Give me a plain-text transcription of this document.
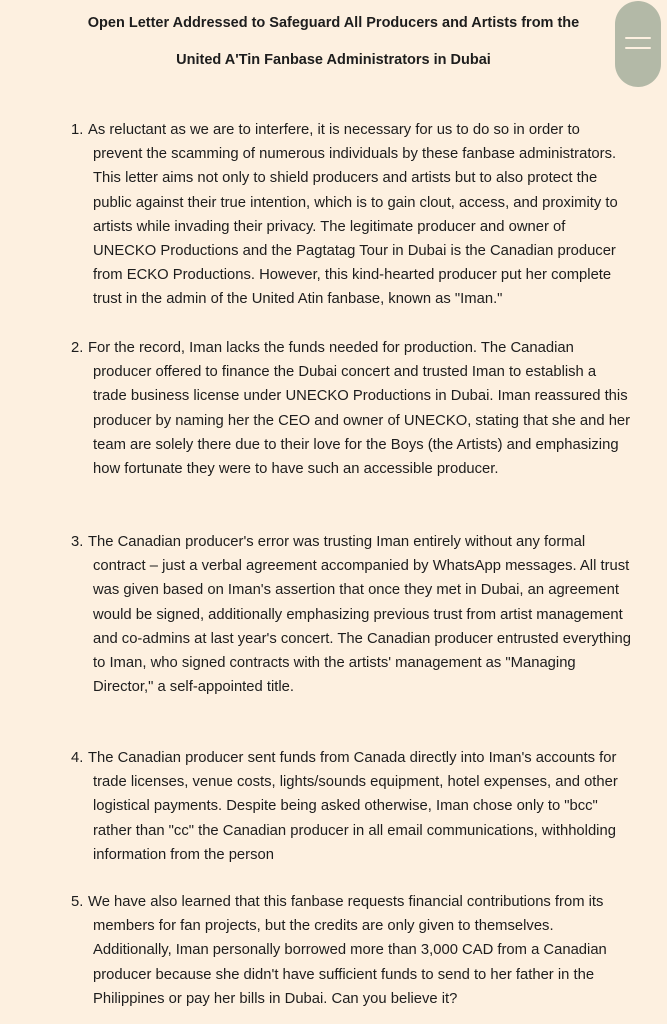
Open Letter Addressed to Safeguard All Producers and Artists from the
United A'Tin Fanbase Administrators in Dubai
1. As reluctant as we are to interfere, it is necessary for us to do so in order to
prevent the scamming of numerous individuals by these fanbase administrators.
This letter aims not only to shield producers and artists but to also protect the
public against their true intention, which is to gain clout, access, and proximity to
artists while invading their privacy. The legitimate producer and owner of
UNECKO Productions and the Pagtatag Tour in Dubai is the Canadian producer
from ECKO Productions. However, this kind-hearted producer put her complete
trust in the admin of the United Atin fanbase, known as "Iman."
2. For the record, Iman lacks the funds needed for production. The Canadian
producer offered to finance the Dubai concert and trusted Iman to establish a
trade business license under UNECKO Productions in Dubai. Iman reassured this
producer by naming her the CEO and owner of UNECKO, stating that she and her
team are solely there due to their love for the Boys (the Artists) and emphasizing
how fortunate they were to have such an accessible producer.
3. The Canadian producer's error was trusting Iman entirely without any formal
contract – just a verbal agreement accompanied by WhatsApp messages. All trust
was given based on Iman's assertion that once they met in Dubai, an agreement
would be signed, additionally emphasizing previous trust from artist management
and co-admins at last year's concert. The Canadian producer entrusted everything
to Iman, who signed contracts with the artists' management as "Managing
Director," a self-appointed title.
4. The Canadian producer sent funds from Canada directly into Iman's accounts for
trade licenses, venue costs, lights/sounds equipment, hotel expenses, and other
logistical payments. Despite being asked otherwise, Iman chose only to "bcc"
rather than "cc" the Canadian producer in all email communications, withholding
information from the person
5. We have also learned that this fanbase requests financial contributions from its
members for fan projects, but the credits are only given to themselves.
Additionally, Iman personally borrowed more than 3,000 CAD from a Canadian
producer because she didn't have sufficient funds to send to her father in the
Philippines or pay her bills in Dubai. Can you believe it?
